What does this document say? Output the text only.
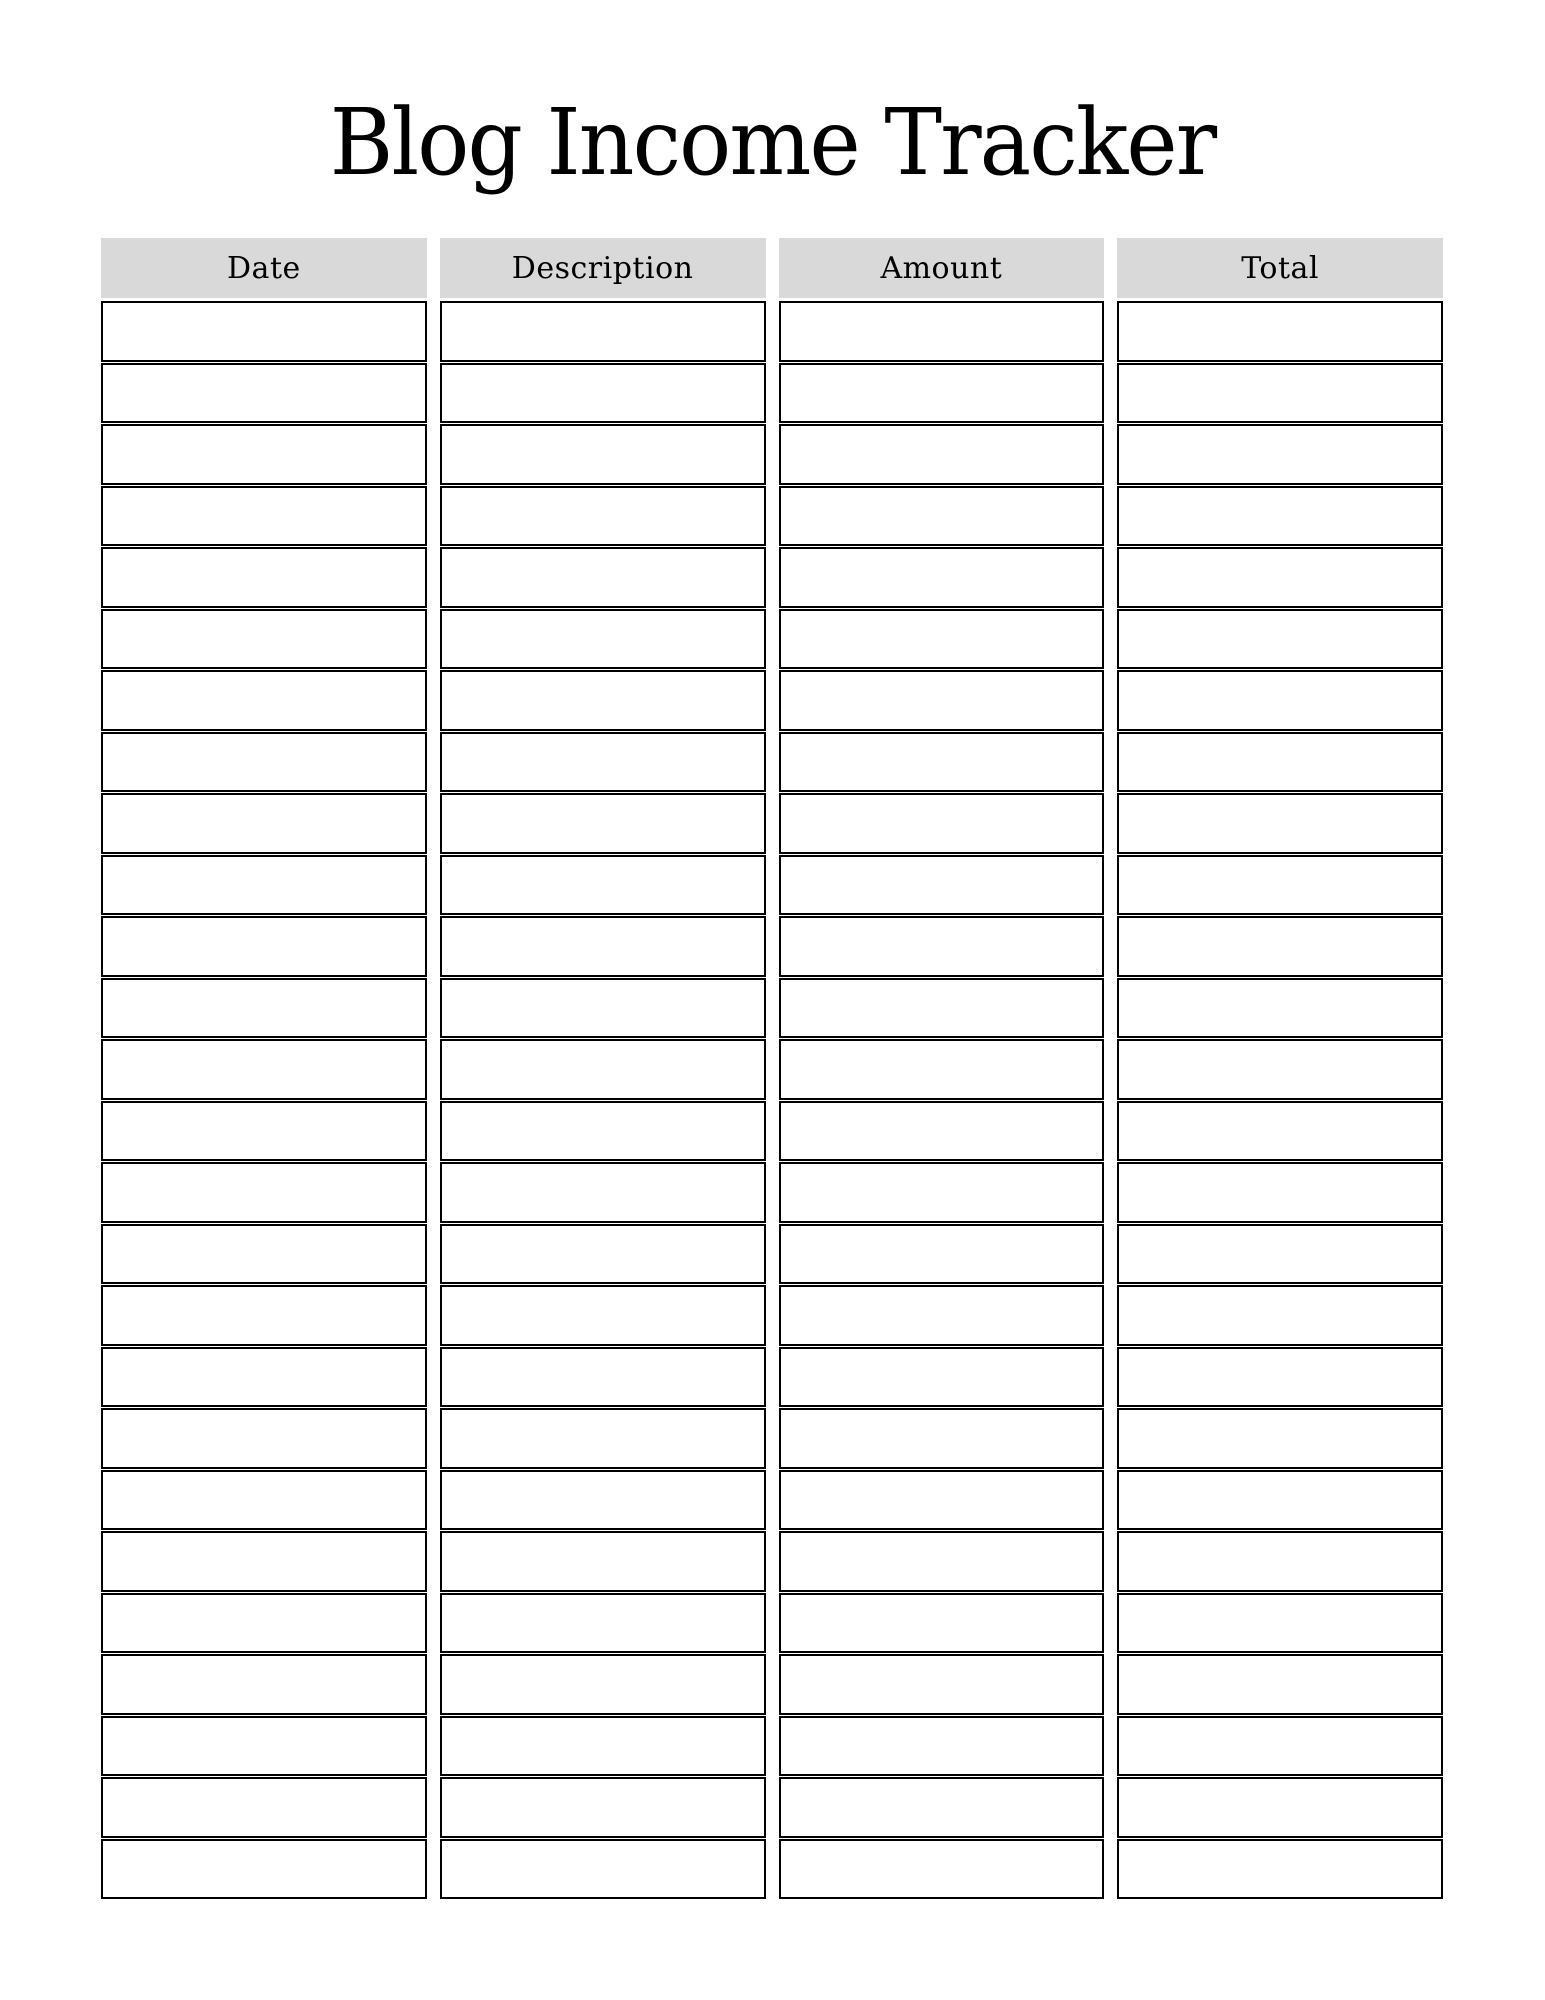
Blog Income Tracker
Date	Description	Amount	Total
